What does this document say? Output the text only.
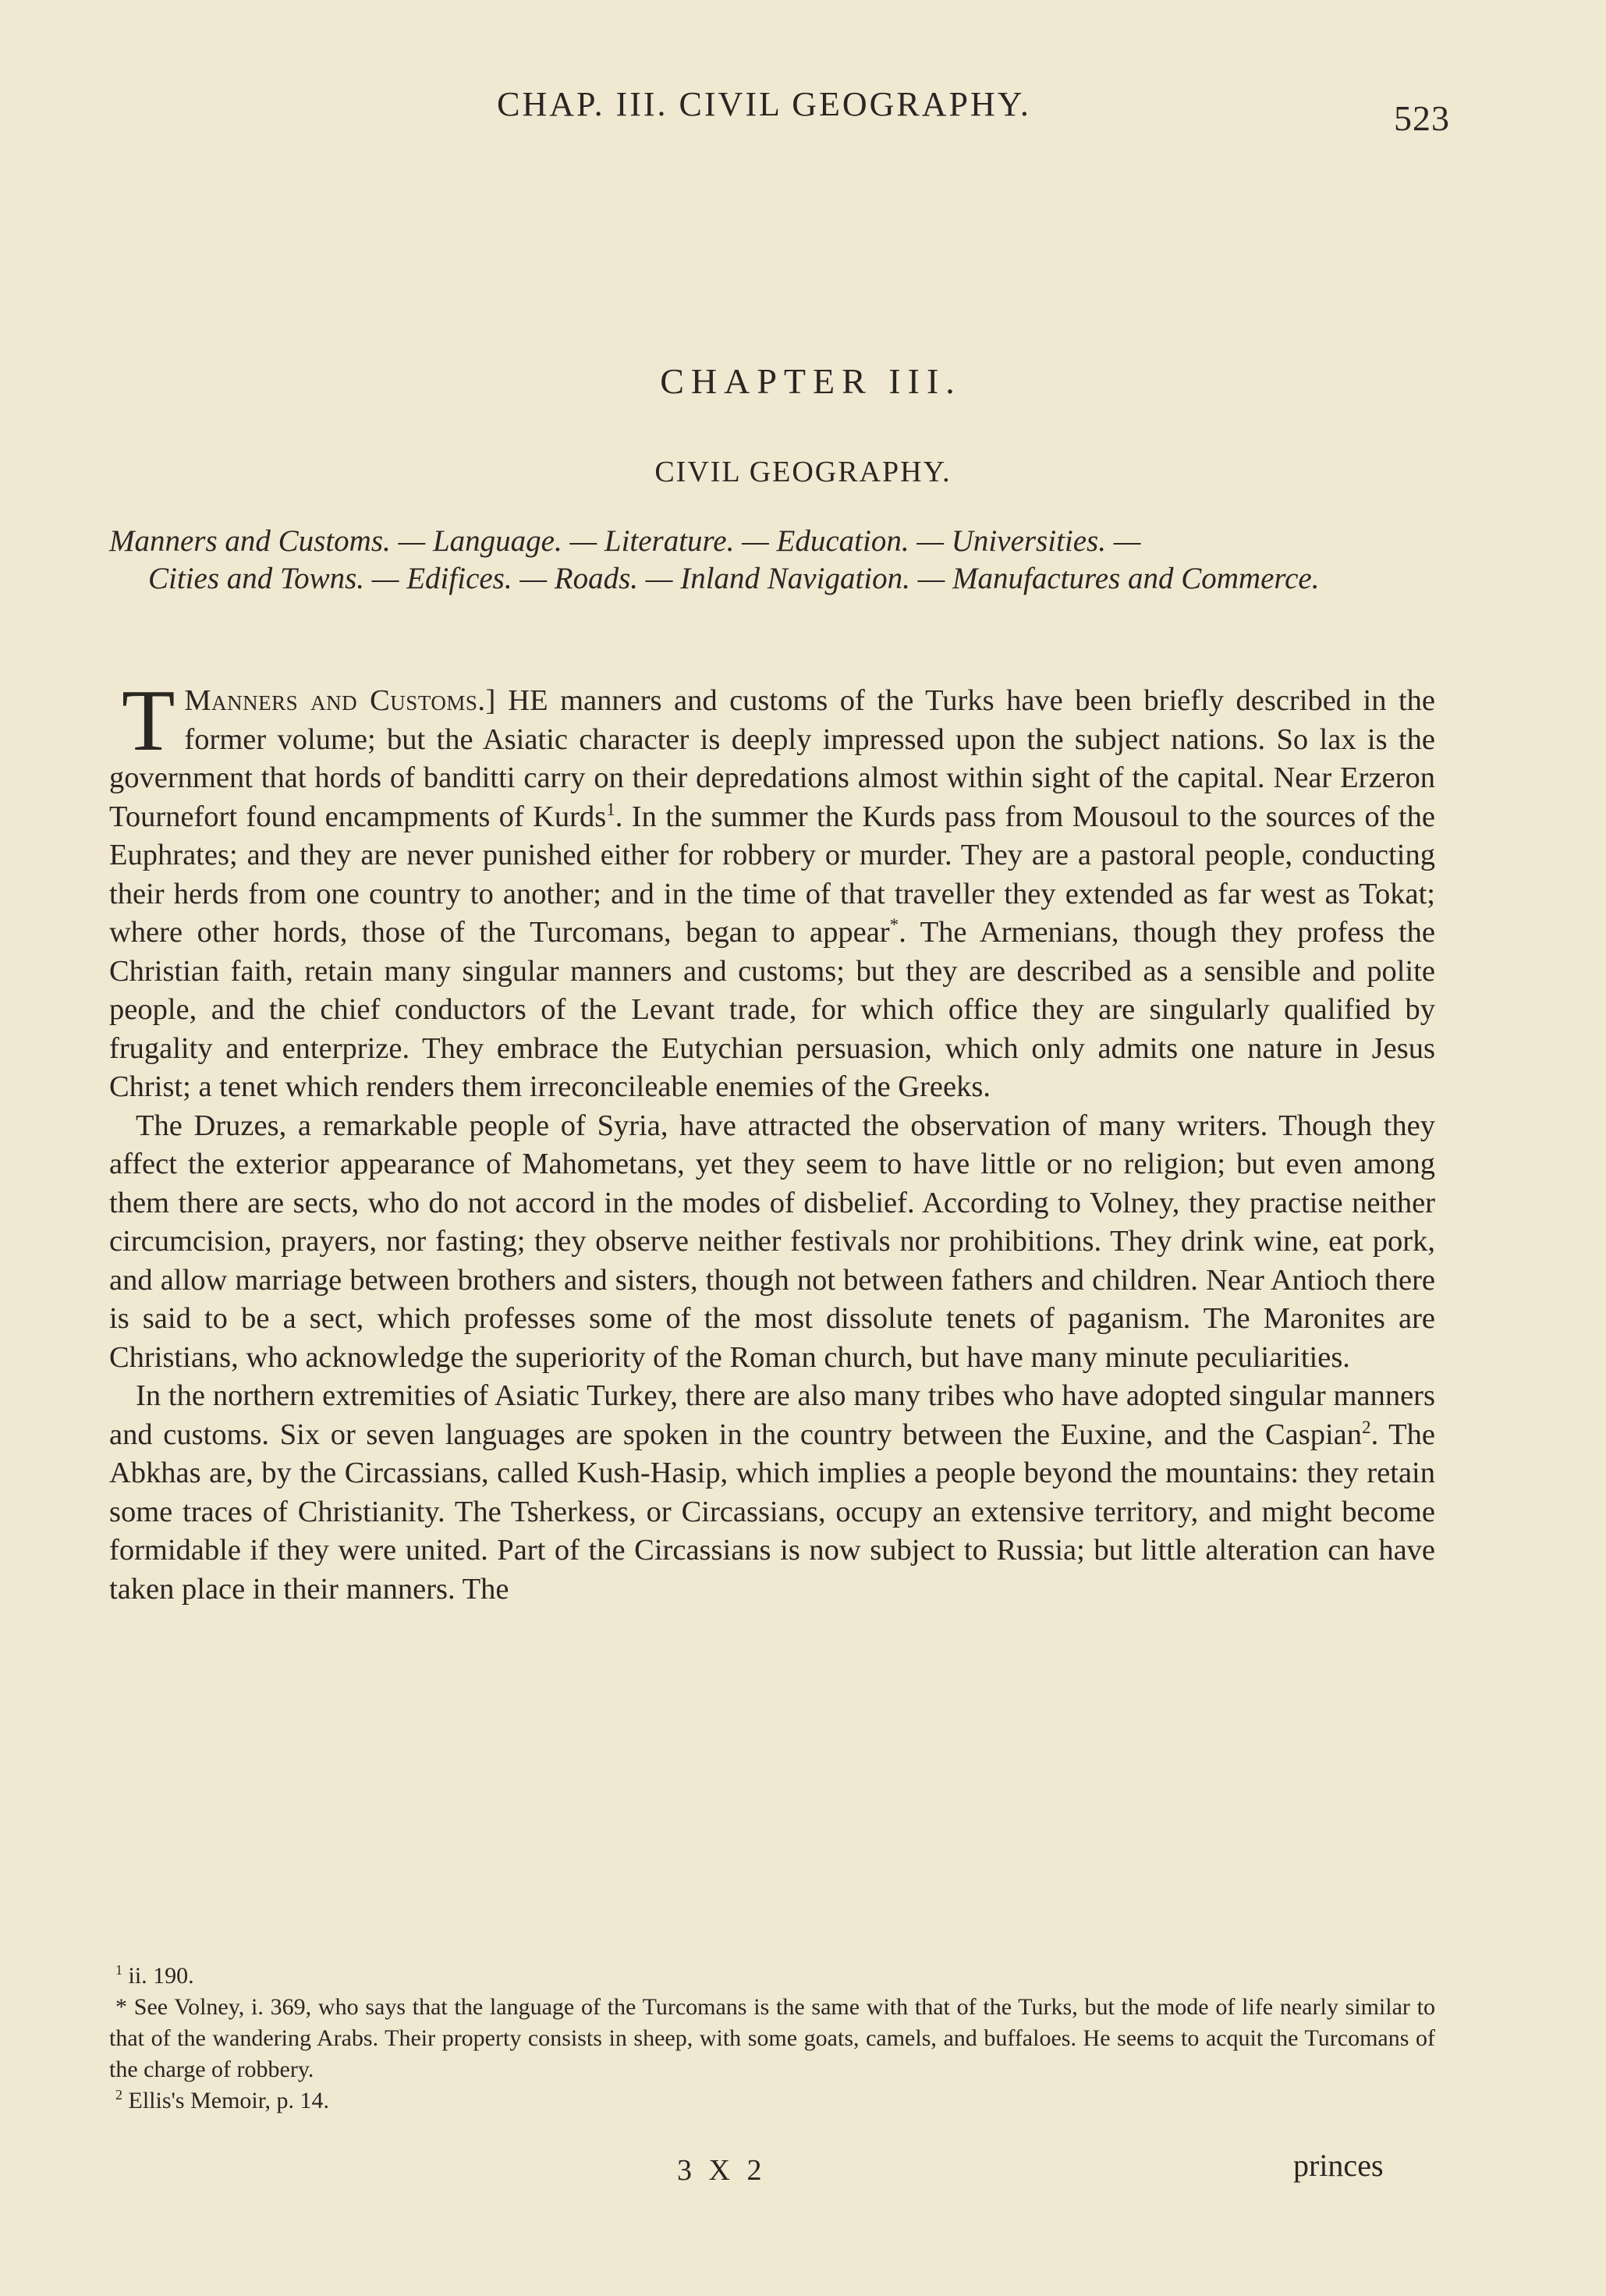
CHAP. III. CIVIL GEOGRAPHY.	523
CHAPTER III.
CIVIL GEOGRAPHY.
Manners and Customs. — Language. — Literature. — Education. — Universities. —
Cities and Towns. — Edifices. — Roads. — Inland Navigation. — Manufactures and Commerce.

Manners and Customs.]
T	HE manners and customs of the Turks have been briefly described in the former volume; but the Asiatic character is deeply impressed upon the subject nations. So lax is the government that hords of banditti carry on their depredations almost within sight of the capital. Near Erzeron Tournefort found encampments of Kurds$^1$. In the summer the Kurds pass from Mousoul to the sources of the Euphrates; and they are never punished either for robbery or murder. They are a pastoral people, conducting their herds from one country to another; and in the time of that traveller they extended as far west as Tokat; where other hords, those of the Turcomans, began to appear*. The Armenians, though they profess the Christian faith, retain many singular manners and customs; but they are described as a sensible and polite people, and the chief conductors of the Levant trade, for which office they are singularly qualified by frugality and enterprize. They embrace the Eutychian persuasion, which only admits one nature in Jesus Christ; a tenet which renders them irreconcileable enemies of the Greeks.

The Druzes, a remarkable people of Syria, have attracted the observation of many writers. Though they affect the exterior appearance of Mahometans, yet they seem to have little or no religion; but even among them there are sects, who do not accord in the modes of disbelief. According to Volney, they practise neither circumcision, prayers, nor fasting; they observe neither festivals nor prohibitions. They drink wine, eat pork, and allow marriage between brothers and sisters, though not between fathers and children. Near Antioch there is said to be a sect, which professes some of the most dissolute tenets of paganism. The Maronites are Christians, who acknowledge the superiority of the Roman church, but have many minute peculiarities.

In the northern extremities of Asiatic Turkey, there are also many tribes who have adopted singular manners and customs. Six or seven languages are spoken in the country between the Euxine, and the Caspian$^2$. The Abkhas are, by the Circassians, called Kush-Hasip, which implies a people beyond the mountains: they retain some traces of Christianity. The Tsherkess, or Circassians, occupy an extensive territory, and might become formidable if they were united. Part of the Circassians is now subject to Russia; but little alteration can have taken place in their manners. The

$^1$ ii. 190.

* See Volney, i. 369, who says that the language of the Turcomans is the same with that of the Turks, but the mode of life nearly similar to that of the wandering Arabs. Their property consists in sheep, with some goats, camels, and buffaloes. He seems to acquit the Turcomans of the charge of robbery.

$^2$ Ellis's Memoir, p. 14.

3 X 2	princes
